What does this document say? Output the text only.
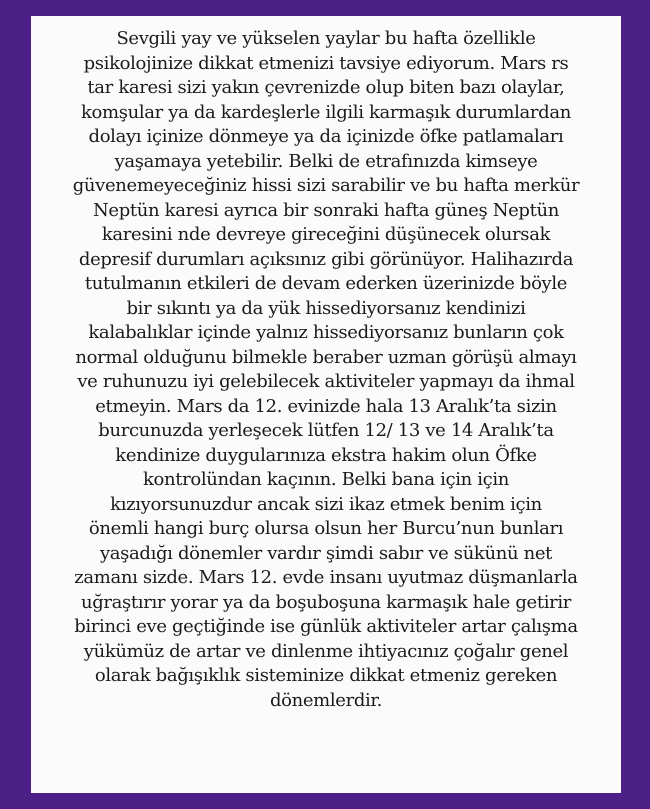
Sevgili yay ve yükselen yaylar bu hafta özellikle
psikolojinize dikkat etmenizi tavsiye ediyorum. Mars rs
tar karesi sizi yakın çevrenizde olup biten bazı olaylar,
komşular ya da kardeşlerle ilgili karmaşık durumlardan
dolayı içinize dönmeye ya da içinizde öfke patlamaları
yaşamaya yetebilir. Belki de etrafınızda kimseye
güvenemeyeceğiniz hissi sizi sarabilir ve bu hafta merkür
Neptün karesi ayrıca bir sonraki hafta güneş Neptün
karesini nde devreye gireceğini düşünecek olursak
depresif durumları açıksınız gibi görünüyor. Halihazırda
tutulmanın etkileri de devam ederken üzerinizde böyle
bir sıkıntı ya da yük hissediyorsanız kendinizi
kalabalıklar içinde yalnız hissediyorsanız bunların çok
normal olduğunu bilmekle beraber uzman görüşü almayı
ve ruhunuzu iyi gelebilecek aktiviteler yapmayı da ihmal
etmeyin. Mars da 12. evinizde hala 13 Aralık’ta sizin
burcunuzda yerleşecek lütfen 12/ 13 ve 14 Aralık’ta
kendinize duygularınıza ekstra hakim olun Öfke
kontrolündan kaçının. Belki bana için için
kızıyorsunuzdur ancak sizi ikaz etmek benim için
önemli hangi burç olursa olsun her Burcu’nun bunları
yaşadığı dönemler vardır şimdi sabır ve sükünü net
zamanı sizde. Mars 12. evde insanı uyutmaz düşmanlarla
uğraştırır yorar ya da boşuboşuna karmaşık hale getirir
birinci eve geçtiğinde ise günlük aktiviteler artar çalışma
yükümüz de artar ve dinlenme ihtiyacınız çoğalır genel
olarak bağışıklık sisteminize dikkat etmeniz gereken
dönemlerdir.
